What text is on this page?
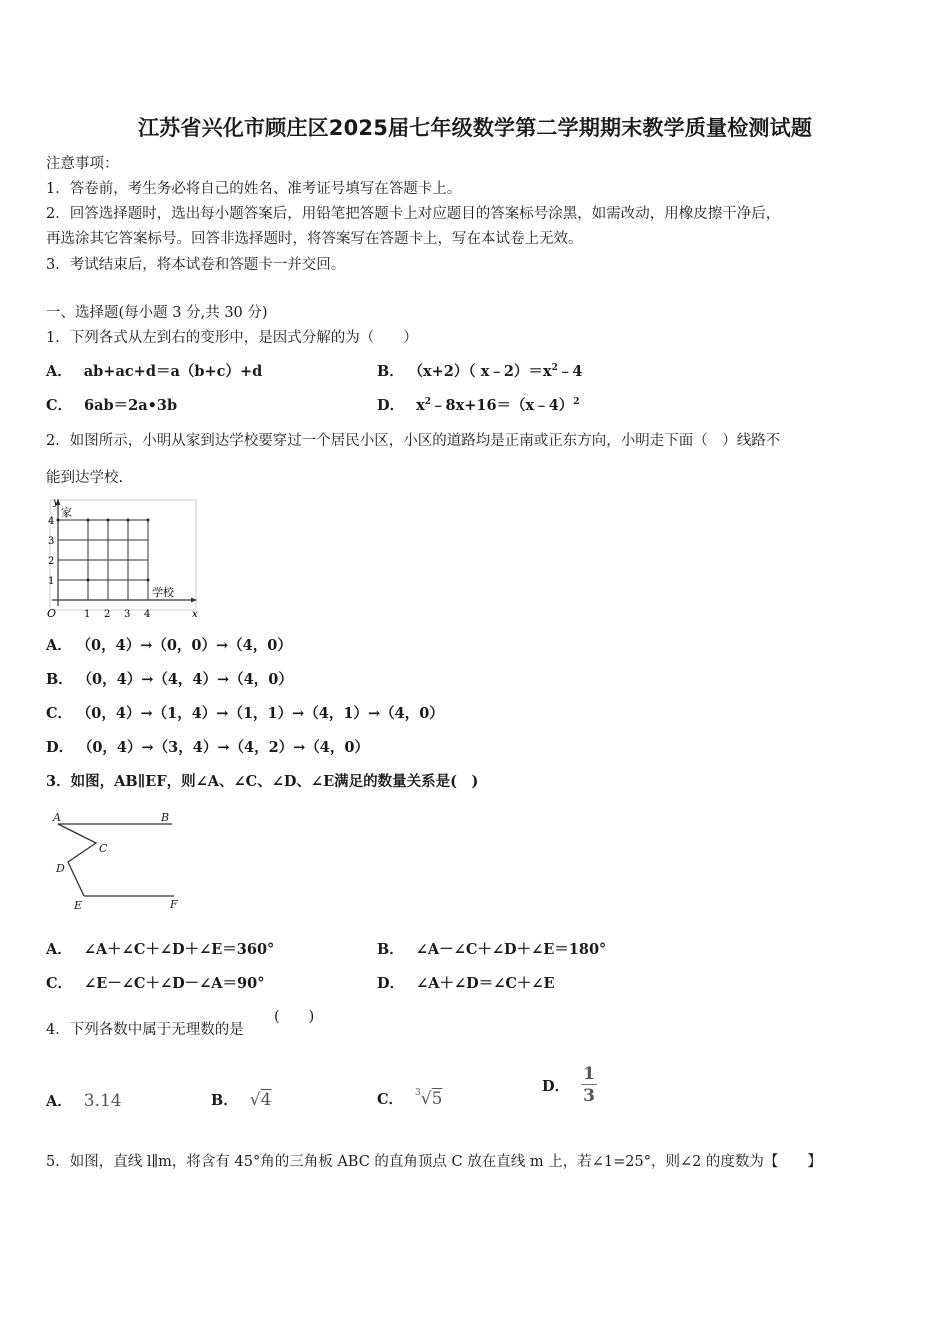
江苏省兴化市顾庄区2025届七年级数学第二学期期末教学质量检测试题
注意事项：
1．答卷前，考生务必将自己的姓名、准考证号填写在答题卡上。
2．回答选择题时，选出每小题答案后，用铅笔把答题卡上对应题目的答案标号涂黑，如需改动，用橡皮擦干净后，
再选涂其它答案标号。回答非选择题时，将答案写在答题卡上，写在本试卷上无效。
3．考试结束后，将本试卷和答题卡一并交回。
一、选择题(每小题 3 分,共 30 分)
1．下列各式从左到右的变形中，是因式分解的为（　　）
A． ab+ac+d＝a（b+c）+d	B． （x+2）（ $x﹣2)=x^2﹣4$
C． 6ab＝2a•3b	D． $x^2﹣8x+16=(x﹣4)^2$
2．如图所示，小明从家到达学校要穿过一个居民小区，小区的道路均是正南或正东方向，小明走下面（　）线路不
能到达学校.
y
x
O
家
学校
1 2 3 4
1
2
3
4
A． （0，4）→（0，0）→（4，0）
B． （0，4）→（4，4）→（4，0）
C． （0，4）→（1，4）→（1，1）→（4，1）→（4，0）
D． （0，4）→（3，4）→（4，2）→（4，0）
3．如图，AB∥EF，则∠A、∠C、∠D、∠E满足的数量关系是(　)
A	B
C
D
E	F
A． ∠A＋∠C＋∠D＋∠E＝360°	B． ∠A－∠C＋∠D＋∠E＝180°
C． ∠E－∠C＋∠D－∠A＝90°	D． ∠A＋∠D＝∠C＋∠E
4．下列各数中属于无理数的是
(　　)
A． 3.14	B． √4	C． $^3$√5
D． $\frac{1}{3}$
5．如图，直线 l∥m，将含有 45°角的三角板 ABC 的直角顶点 C 放在直线 m 上，若∠1=25°，则∠2 的度数为【　　】
